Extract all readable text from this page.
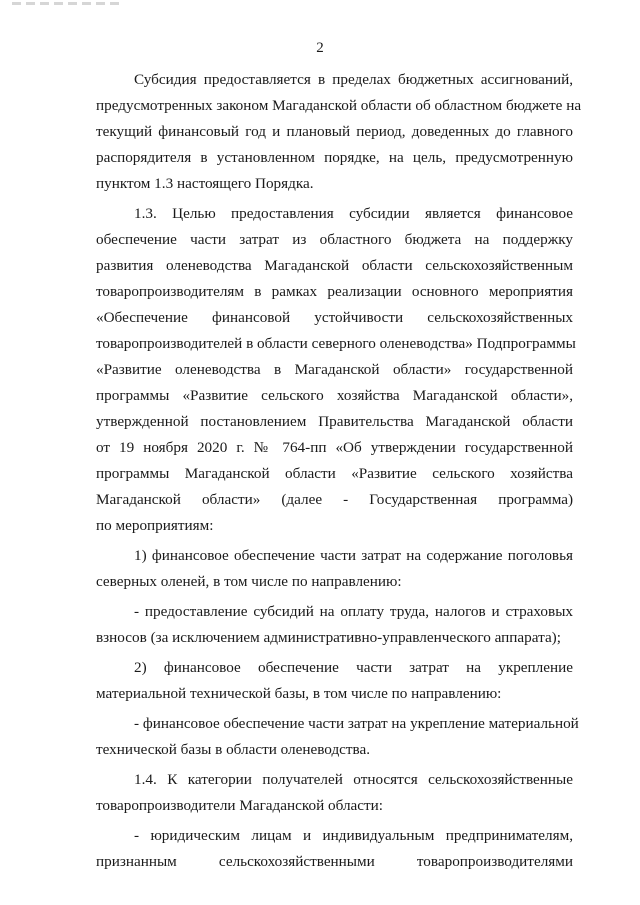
2
Субсидия предоставляется в пределах бюджетных ассигнований,
предусмотренных законом Магаданской области об областном бюджете на
текущий финансовый год и плановый период, доведенных до главного
распорядителя в установленном порядке, на цель, предусмотренную
пунктом 1.3 настоящего Порядка.
1.3. Целью предоставления субсидии является финансовое
обеспечение части затрат из областного бюджета на поддержку
развития оленеводства Магаданской области сельскохозяйственным
товаропроизводителям в рамках реализации основного мероприятия
«Обеспечение финансовой устойчивости сельскохозяйственных
товаропроизводителей в области северного оленеводства» Подпрограммы
«Развитие оленеводства в Магаданской области» государственной
программы «Развитие сельского хозяйства Магаданской области»,
утвержденной постановлением Правительства Магаданской области
от 19 ноября 2020 г. № 764-пп «Об утверждении государственной
программы Магаданской области «Развитие сельского хозяйства
Магаданской области» (далее - Государственная программа)
по мероприятиям:
1) финансовое обеспечение части затрат на содержание поголовья
северных оленей, в том числе по направлению:
- предоставление субсидий на оплату труда, налогов и страховых
взносов (за исключением административно-управленческого аппарата);
2) финансовое обеспечение части затрат на укрепление
материальной технической базы, в том числе по направлению:
- финансовое обеспечение части затрат на укрепление материальной
технической базы в области оленеводства.
1.4. К категории получателей относятся сельскохозяйственные
товаропроизводители Магаданской области:
- юридическим лицам и индивидуальным предпринимателям,
признанным сельскохозяйственными товаропроизводителями
